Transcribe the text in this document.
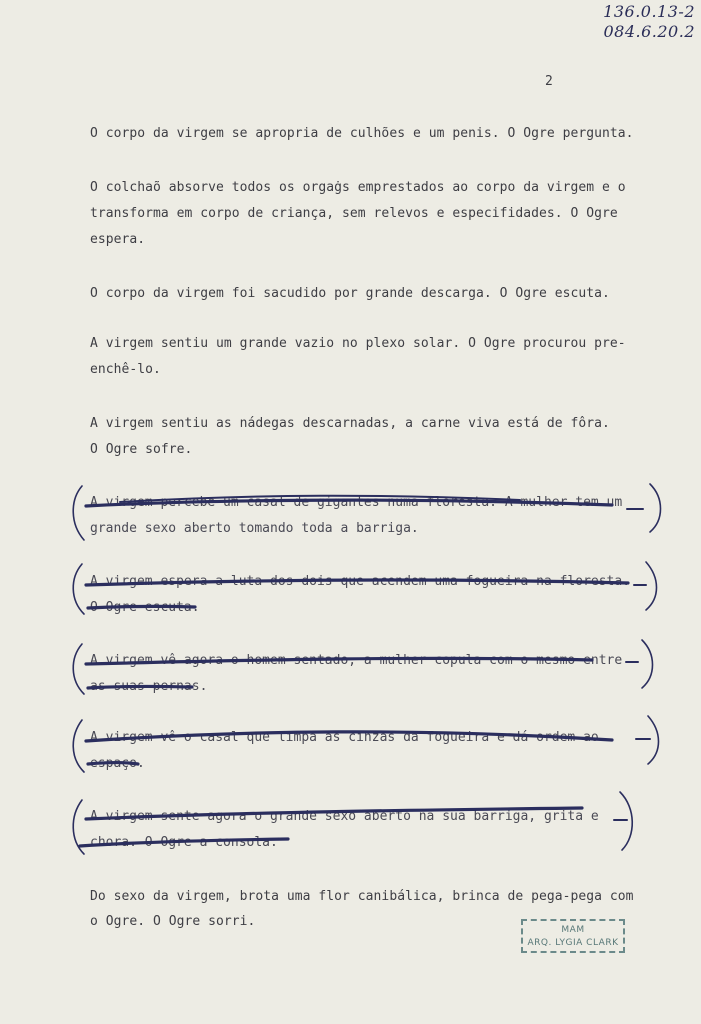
136.0.13-2
084.6.20.2
2
O corpo da virgem se apropria de culhões e um penis. O Ogre pergunta.
O colchaõ absorve todos os orgaġs emprestados ao corpo da virgem e o
transforma em corpo de criança, sem relevos e especifidades. O Ogre
espera.
O corpo da virgem foi sacudido por grande descarga. O Ogre escuta.
A virgem sentiu um grande vazio no plexo solar. O Ogre procurou pre-
enchê-lo.
A virgem sentiu as nádegas descarnadas, a carne viva está de fôra.
O Ogre sofre.
A virgem percebe um casal de gigantes numa floresta. A mulher tem um
grande sexo aberto tomando toda a barriga.
A virgem espera a luta dos dois que acendem uma fogueira na floresta.
O Ogre escuta.
A virgem vê agora o homem sentado, a mulher copula com o mesmo entre
as suas pernas.
A virgem vê o casal que limpa as cinzas da fogueira e dá ordem ao
espaço.
A virgem sente agora o grande sexo aberto na sua barriga, grita e
chora. O Ogre a consola.
Do sexo da virgem, brota uma flor canibálica, brinca de pega-pega com
o Ogre. O Ogre sorri.
MAM
ARQ. LYGIA CLARK
